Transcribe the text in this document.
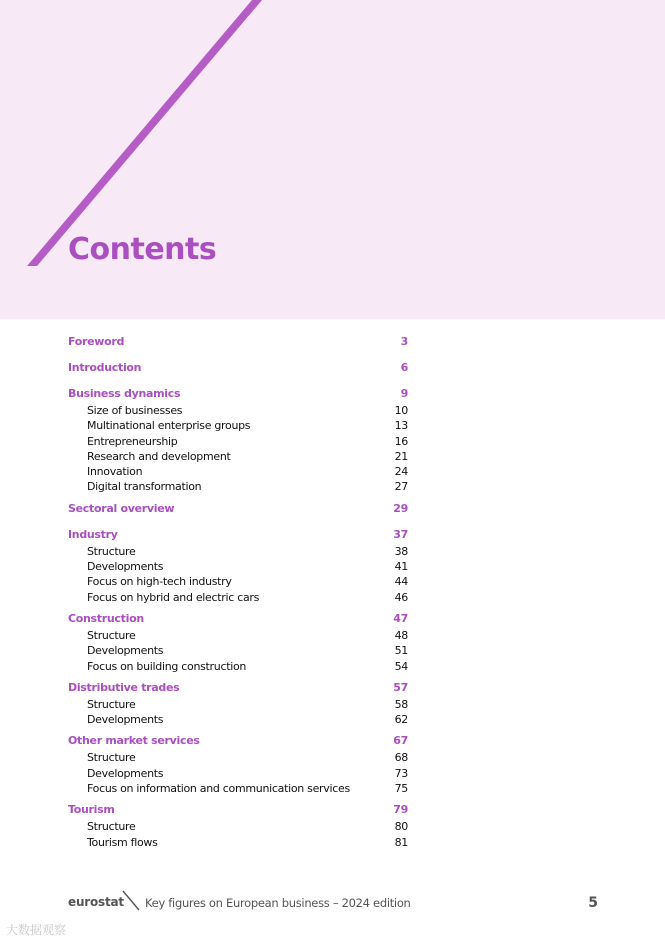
Contents
Foreword	3
Introduction	6
Business dynamics	9
Size of businesses	10
Multinational enterprise groups	13
Entrepreneurship	16
Research and development	21
Innovation	24
Digital transformation	27
Sectoral overview	29
Industry	37
Structure	38
Developments	41
Focus on high-tech industry	44
Focus on hybrid and electric cars	46
Construction	47
Structure	48
Developments	51
Focus on building construction	54
Distributive trades	57
Structure	58
Developments	62
Other market services	67
Structure	68
Developments	73
Focus on information and communication services	75
Tourism	79
Structure	80
Tourism flows	81
eurostat Key figures on European business – 2024 edition	5
大数据观察
